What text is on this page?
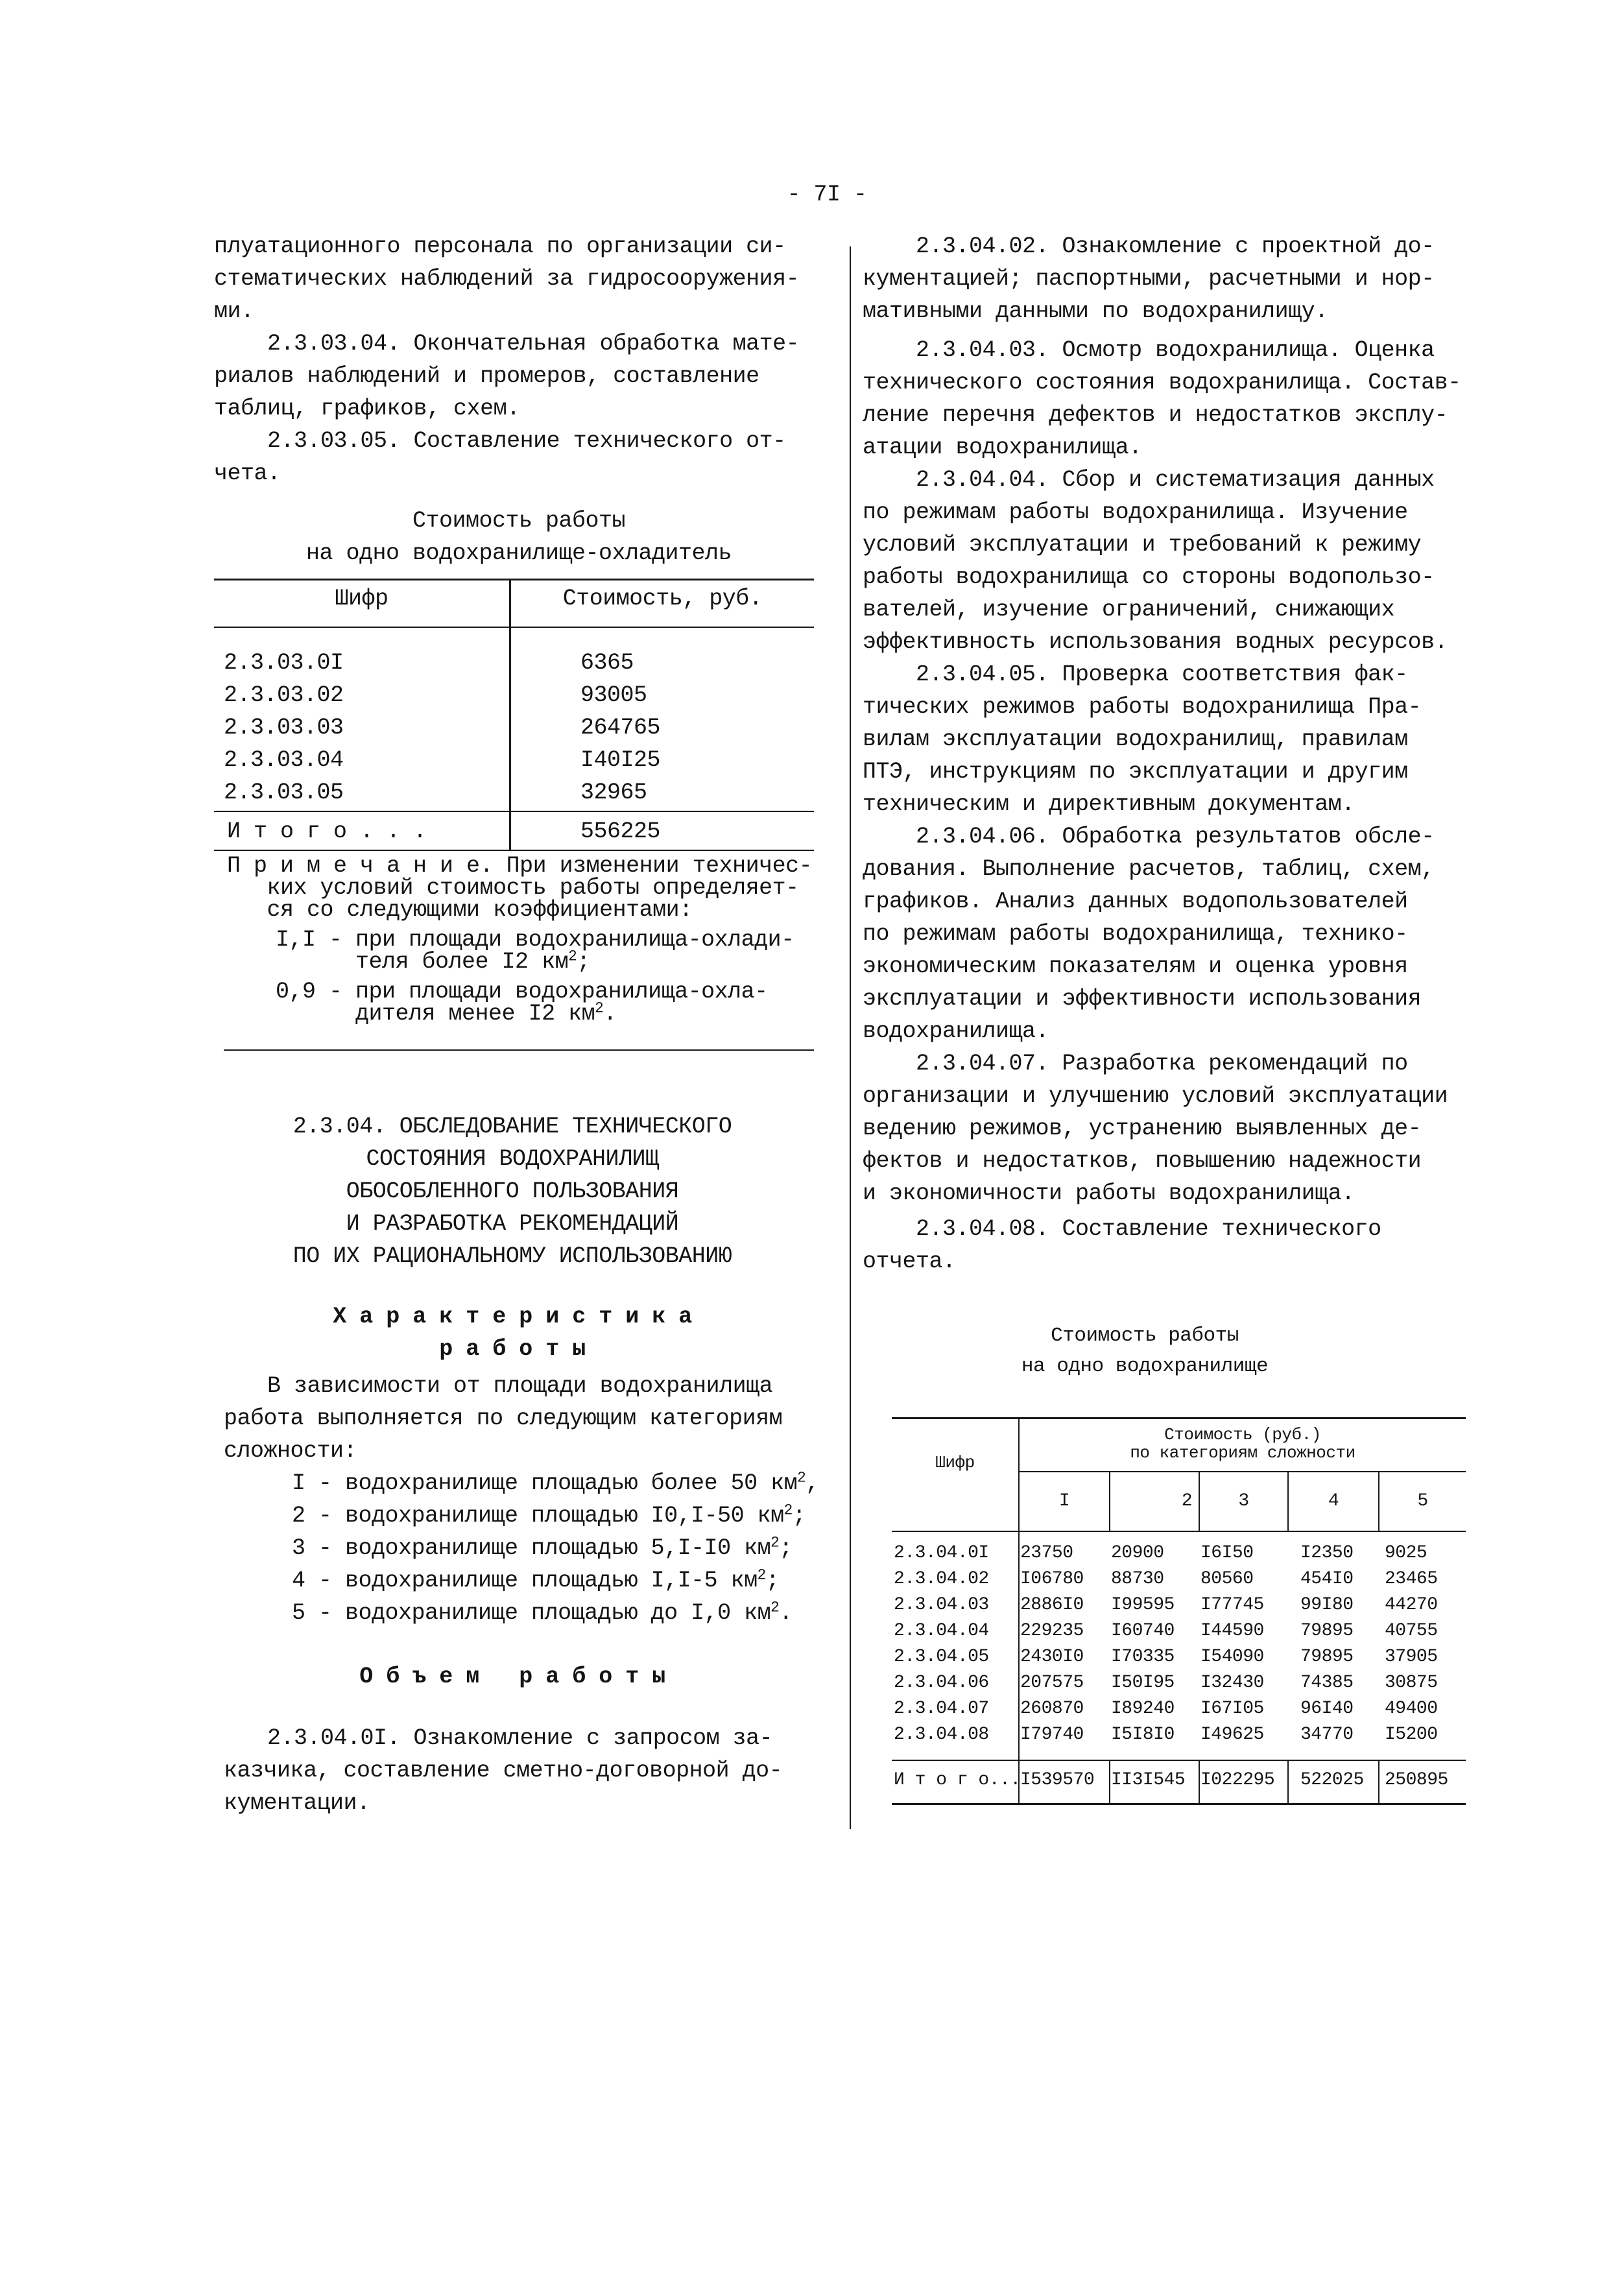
- 7I -
плуатационного персонала по организации си-
стематических наблюдений за гидросооружения-
ми.
2.3.03.04. Окончательная обработка мате-
риалов наблюдений и промеров, составление
таблиц, графиков, схем.
2.3.03.05. Составление технического от-
чета.
Стоимость работы
на одно водохранилище-охладитель
Шифр	Стоимость, руб.
2.3.03.0I	6365
2.3.03.02	93005
2.3.03.03	264765
2.3.03.04	I40I25
2.3.03.05	32965
И т о г о . . .	556225
П р и м е ч а н и е. При изменении техничес-
ких условий стоимость работы определяет-
ся со следующими коэффициентами:
I,I - при площади водохранилища-охлади-
теля более I2 $км^2$;
0,9 - при площади водохранилища-охла-
дителя менее I2 $км^2$.
2.3.04. ОБСЛЕДОВАНИЕ ТЕХНИЧЕСКОГО
СОСТОЯНИЯ ВОДОХРАНИЛИЩ
ОБОСОБЛЕННОГО ПОЛЬЗОВАНИЯ
И РАЗРАБОТКА РЕКОМЕНДАЦИЙ
ПО ИХ РАЦИОНАЛЬНОМУ ИСПОЛЬЗОВАНИЮ
Х а р а к т е р и с т и к а
р а б о т ы
В зависимости от площади водохранилища
работа выполняется по следующим категориям
сложности:
I - водохранилище площадью более 50 $км^2$,
2 - водохранилище площадью I0,I-50 $км^2$;
3 - водохранилище площадью 5,I-I0 $км^2$;
4 - водохранилище площадью I,I-5 $км^2$;
5 - водохранилище площадью до I,0 $км^2$.
О б ъ е м   р а б о т ы
2.3.04.0I. Ознакомление с запросом за-
казчика, составление сметно-договорной до-
кументации.
2.3.04.02. Ознакомление с проектной до-
кументацией; паспортными, расчетными и нор-
мативными данными по водохранилищу.
2.3.04.03. Осмотр водохранилища. Оценка
технического состояния водохранилища. Состав-
ление перечня дефектов и недостатков эксплу-
атации водохранилища.
2.3.04.04. Сбор и систематизация данных
по режимам работы водохранилища. Изучение
условий эксплуатации и требований к режиму
работы водохранилища со стороны водопользо-
вателей, изучение ограничений, снижающих
эффективность использования водных ресурсов.
2.3.04.05. Проверка соответствия фак-
тических режимов работы водохранилища Пра-
вилам эксплуатации водохранилищ, правилам
ПТЭ, инструкциям по эксплуатации и другим
техническим и директивным документам.
2.3.04.06. Обработка результатов обсле-
дования. Выполнение расчетов, таблиц, схем,
графиков. Анализ данных водопользователей
по режимам работы водохранилища, технико-
экономическим показателям и оценка уровня
эксплуатации и эффективности использования
водохранилища.
2.3.04.07. Разработка рекомендаций по
организации и улучшению условий эксплуатации
ведению режимов, устранению выявленных де-
фектов и недостатков, повышению надежности
и экономичности работы водохранилища.
2.3.04.08. Составление технического
отчета.
Стоимость работы
на одно водохранилище
Шифр
Стоимость (руб.)
по категориям сложности
I	2	3	4	5
2.3.04.0I 23750 20900 I6I50	I2350 9025
2.3.04.02 I06780 88730 80560	454I0 23465
2.3.04.03 2886I0 I99595 I77745 99I80 44270
2.3.04.04 229235 I60740 I44590 79895 40755
2.3.04.05 2430I0 I70335 I54090 79895 37905
2.3.04.06 207575 I50I95 I32430 74385 30875
2.3.04.07 260870 I89240 I67I05 96I40 49400
2.3.04.08 I79740 I5I8I0 I49625 34770 I5200
И т о г о... I539570 II3I545 I022295	522025	250895
